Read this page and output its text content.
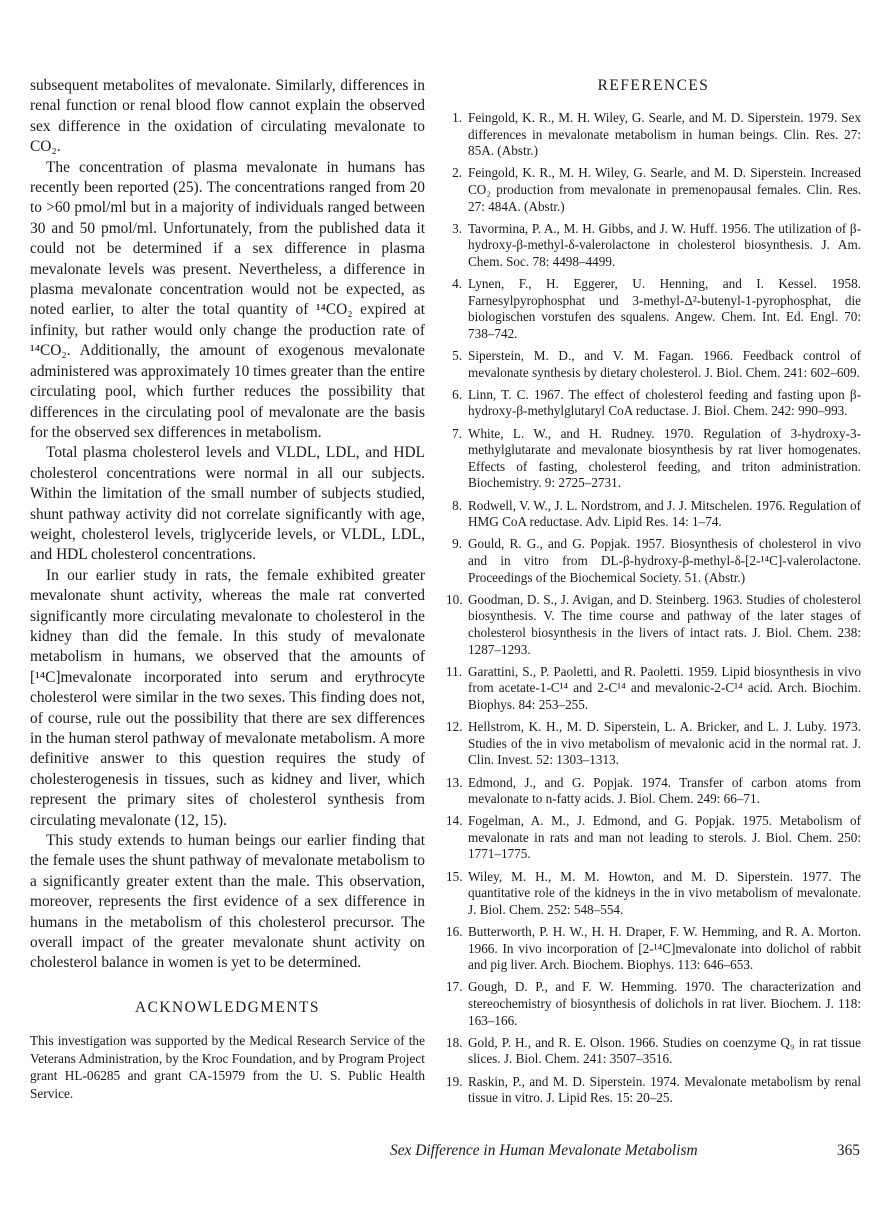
subsequent metabolites of mevalonate. Similarly, differences in renal function or renal blood flow cannot explain the observed sex difference in the oxidation of circulating mevalonate to CO₂.

The concentration of plasma mevalonate in humans has recently been reported (25). The concentrations ranged from 20 to >60 pmol/ml but in a majority of individuals ranged between 30 and 50 pmol/ml. Unfortunately, from the published data it could not be determined if a sex difference in plasma mevalonate levels was present. Nevertheless, a difference in plasma mevalonate concentration would not be expected, as noted earlier, to alter the total quantity of ¹⁴CO₂ expired at infinity, but rather would only change the production rate of ¹⁴CO₂. Additionally, the amount of exogenous mevalonate administered was approximately 10 times greater than the entire circulating pool, which further reduces the possibility that differences in the circulating pool of mevalonate are the basis for the observed sex differences in metabolism.

Total plasma cholesterol levels and VLDL, LDL, and HDL cholesterol concentrations were normal in all our subjects. Within the limitation of the small number of subjects studied, shunt pathway activity did not correlate significantly with age, weight, cholesterol levels, triglyceride levels, or VLDL, LDL, and HDL cholesterol concentrations.

In our earlier study in rats, the female exhibited greater mevalonate shunt activity, whereas the male rat converted significantly more circulating mevalonate to cholesterol in the kidney than did the female. In this study of mevalonate metabolism in humans, we observed that the amounts of [¹⁴C]mevalonate incorporated into serum and erythrocyte cholesterol were similar in the two sexes. This finding does not, of course, rule out the possibility that there are sex differences in the human sterol pathway of mevalonate metabolism. A more definitive answer to this question requires the study of cholesterogenesis in tissues, such as kidney and liver, which represent the primary sites of cholesterol synthesis from circulating mevalonate (12, 15).

This study extends to human beings our earlier finding that the female uses the shunt pathway of mevalonate metabolism to a significantly greater extent than the male. This observation, moreover, represents the first evidence of a sex difference in humans in the metabolism of this cholesterol precursor. The overall impact of the greater mevalonate shunt activity on cholesterol balance in women is yet to be determined.

ACKNOWLEDGMENTS

This investigation was supported by the Medical Research Service of the Veterans Administration, by the Kroc Foundation, and by Program Project grant HL-06285 and grant CA-15979 from the U. S. Public Health Service.

REFERENCES
1. Feingold, K. R., M. H. Wiley, G. Searle, and M. D. Siperstein. 1979. Sex differences in mevalonate metabolism in human beings. Clin. Res. 27: 85A. (Abstr.)
2. Feingold, K. R., M. H. Wiley, G. Searle, and M. D. Siperstein. Increased CO₂ production from mevalonate in premenopausal females. Clin. Res. 27: 484A. (Abstr.)
3. Tavormina, P. A., M. H. Gibbs, and J. W. Huff. 1956. The utilization of β-hydroxy-β-methyl-δ-valerolactone in cholesterol biosynthesis. J. Am. Chem. Soc. 78: 4498–4499.
4. Lynen, F., H. Eggerer, U. Henning, and I. Kessel. 1958. Farnesylpyrophosphat und 3-methyl-Δ²-butenyl-1-pyrophosphat, die biologischen vorstufen des squalens. Angew. Chem. Int. Ed. Engl. 70: 738–742.
5. Siperstein, M. D., and V. M. Fagan. 1966. Feedback control of mevalonate synthesis by dietary cholesterol. J. Biol. Chem. 241: 602–609.
6. Linn, T. C. 1967. The effect of cholesterol feeding and fasting upon β-hydroxy-β-methylglutaryl CoA reductase. J. Biol. Chem. 242: 990–993.
7. White, L. W., and H. Rudney. 1970. Regulation of 3-hydroxy-3-methylglutarate and mevalonate biosynthesis by rat liver homogenates. Effects of fasting, cholesterol feeding, and triton administration. Biochemistry. 9: 2725–2731.
8. Rodwell, V. W., J. L. Nordstrom, and J. J. Mitschelen. 1976. Regulation of HMG CoA reductase. Adv. Lipid Res. 14: 1–74.
9. Gould, R. G., and G. Popjak. 1957. Biosynthesis of cholesterol in vivo and in vitro from DL-β-hydroxy-β-methyl-δ-[2-¹⁴C]-valerolactone. Proceedings of the Biochemical Society. 51. (Abstr.)
10. Goodman, D. S., J. Avigan, and D. Steinberg. 1963. Studies of cholesterol biosynthesis. V. The time course and pathway of the later stages of cholesterol biosynthesis in the livers of intact rats. J. Biol. Chem. 238: 1287–1293.
11. Garattini, S., P. Paoletti, and R. Paoletti. 1959. Lipid biosynthesis in vivo from acetate-1-C¹⁴ and 2-C¹⁴ and mevalonic-2-C¹⁴ acid. Arch. Biochim. Biophys. 84: 253–255.
12. Hellstrom, K. H., M. D. Siperstein, L. A. Bricker, and L. J. Luby. 1973. Studies of the in vivo metabolism of mevalonic acid in the normal rat. J. Clin. Invest. 52: 1303–1313.
13. Edmond, J., and G. Popjak. 1974. Transfer of carbon atoms from mevalonate to n-fatty acids. J. Biol. Chem. 249: 66–71.
14. Fogelman, A. M., J. Edmond, and G. Popjak. 1975. Metabolism of mevalonate in rats and man not leading to sterols. J. Biol. Chem. 250: 1771–1775.
15. Wiley, M. H., M. M. Howton, and M. D. Siperstein. 1977. The quantitative role of the kidneys in the in vivo metabolism of mevalonate. J. Biol. Chem. 252: 548–554.
16. Butterworth, P. H. W., H. H. Draper, F. W. Hemming, and R. A. Morton. 1966. In vivo incorporation of [2-¹⁴C]mevalonate into dolichol of rabbit and pig liver. Arch. Biochem. Biophys. 113: 646–653.
17. Gough, D. P., and F. W. Hemming. 1970. The characterization and stereochemistry of biosynthesis of dolichols in rat liver. Biochem. J. 118: 163–166.
18. Gold, P. H., and R. E. Olson. 1966. Studies on coenzyme Q₉ in rat tissue slices. J. Biol. Chem. 241: 3507–3516.
19. Raskin, P., and M. D. Siperstein. 1974. Mevalonate metabolism by renal tissue in vitro. J. Lipid Res. 15: 20–25.
Sex Difference in Human Mevalonate Metabolism	365
